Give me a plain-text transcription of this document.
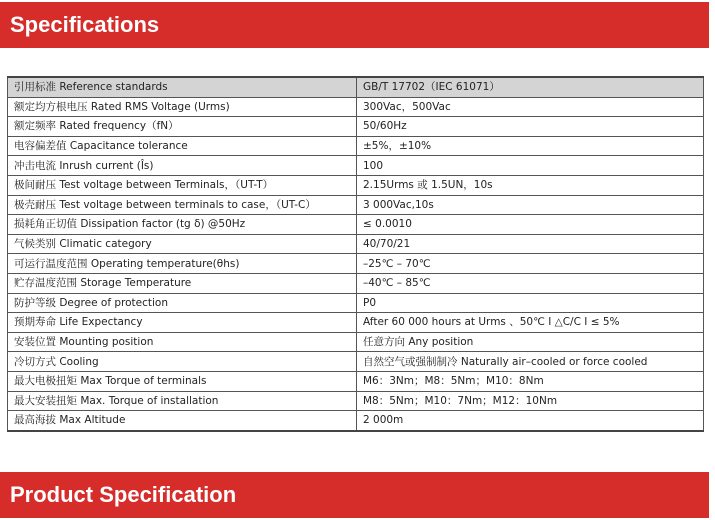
Specifications
引用标准 Reference standards	GB/T 17702（IEC 61071）
额定均方根电压 Rated RMS Voltage (Urms)	300Vac，500Vac
额定频率 Rated frequency（fN）	50/60Hz
电容偏差值 Capacitance tolerance	±5%，±10%
冲击电流 Inrush current (Îs)	100
极间耐压 Test voltage between Terminals，（UT-T）	2.15Urms 或 1.5UN，10s
极壳耐压 Test voltage between terminals to case，（UT-C）	3 000Vac,10s
损耗角正切值 Dissipation factor (tg δ) @50Hz	≤ 0.0010
气候类别 Climatic category	40/70/21
可运行温度范围 Operating temperature(θhs)	–25℃ – 70℃
贮存温度范围 Storage Temperature	–40℃ – 85℃
防护等级 Degree of protection	P0
预期寿命 Life Expectancy	After 60 000 hours at Urms 、50℃ I △C/C I ≤ 5%
安装位置 Mounting position	任意方向 Any position
冷切方式 Cooling	自然空气或强制制冷 Naturally air–cooled or force cooled
最大电极扭矩 Max Torque of terminals	M6：3Nm；M8：5Nm；M10：8Nm
最大安装扭矩 Max. Torque of installation	M8：5Nm；M10：7Nm；M12：10Nm
最高海拔 Max Altitude	2 000m
Product Specification
